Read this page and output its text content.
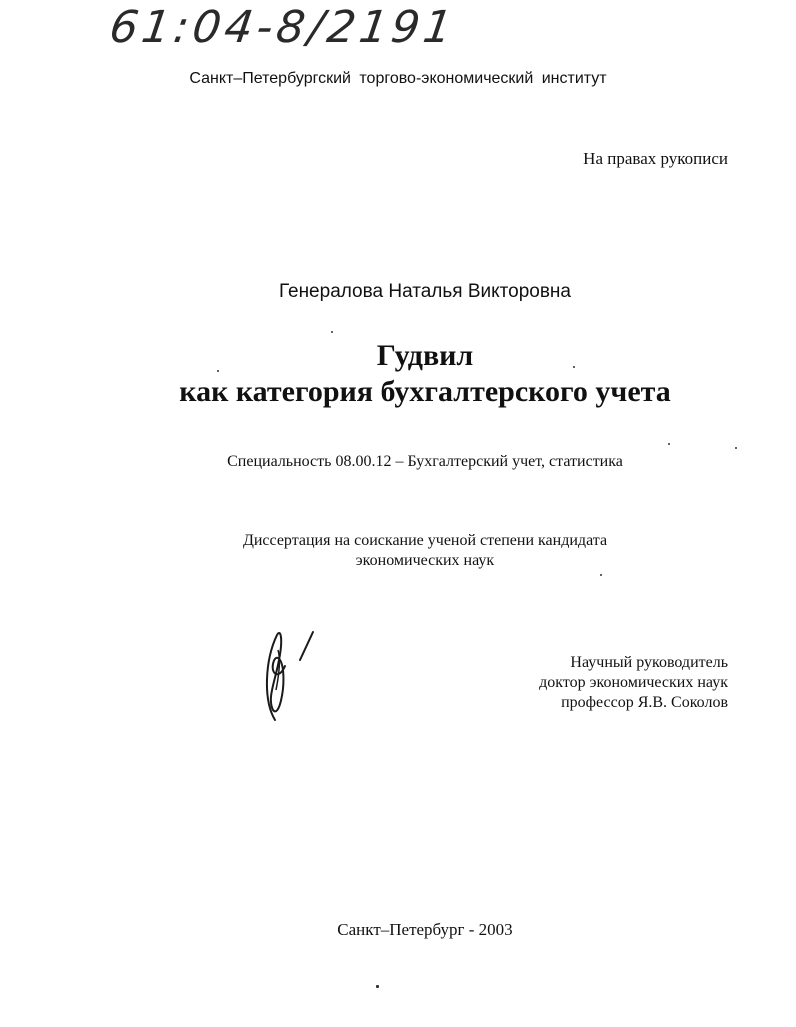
61:04-8/2191
Санкт–Петербургский торгово-экономический институт
На правах рукописи
Генералова Наталья Викторовна
Гудвил
как категория бухгалтерского учета
Специальность 08.00.12 – Бухгалтерский учет, статистика
Диссертация на соискание ученой степени кандидата
экономических наук
Научный руководитель
доктор экономических наук
профессор Я.В. Соколов
Санкт–Петербург - 2003
